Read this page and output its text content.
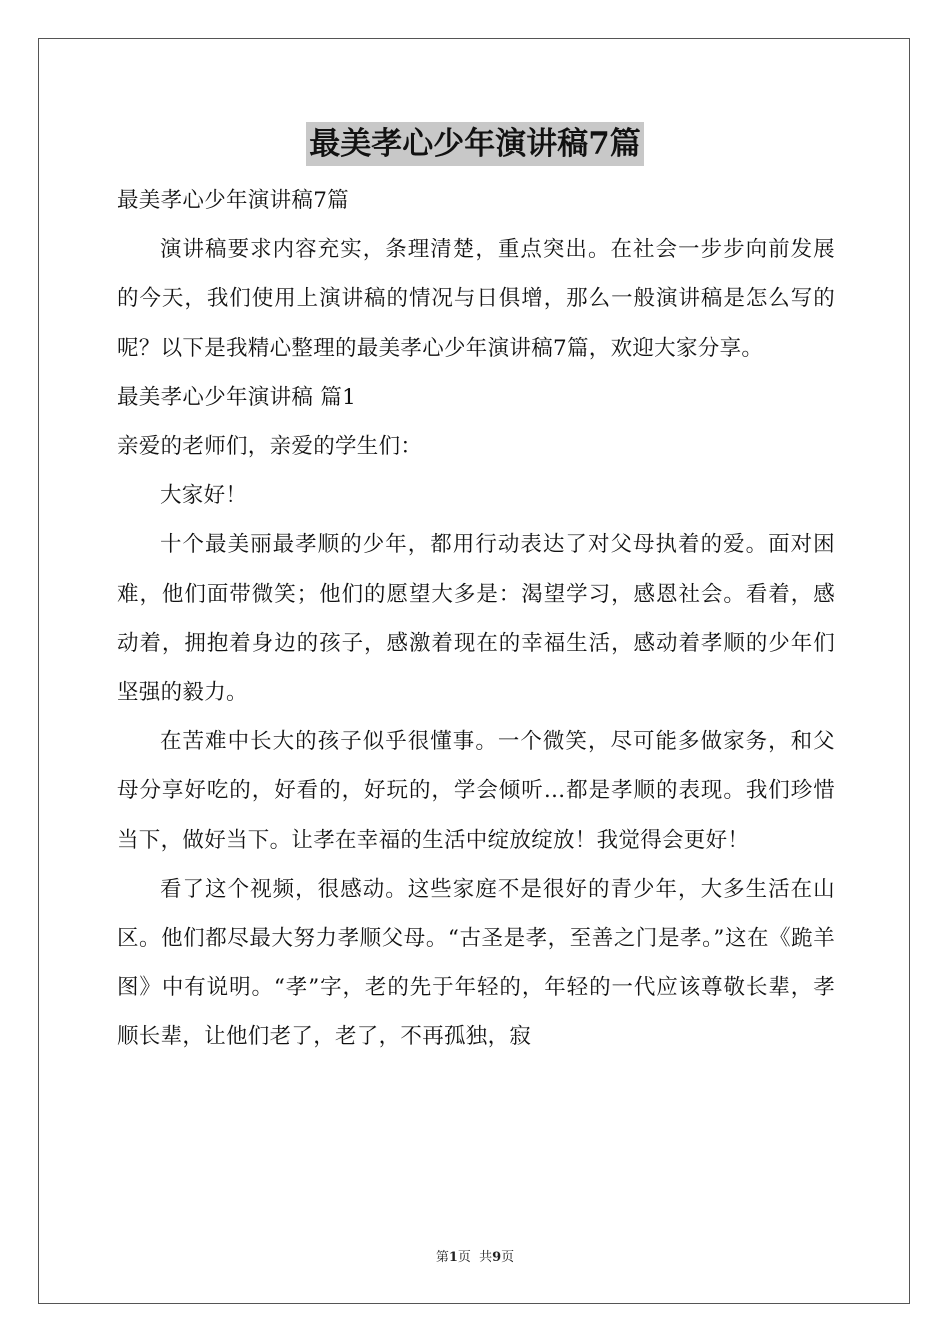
最美孝心少年演讲稿7篇

最美孝心少年演讲稿7篇

演讲稿要求内容充实，条理清楚，重点突出。在社会一步步向前发展的今天，我们使用上演讲稿的情况与日俱增，那么一般演讲稿是怎么写的呢？以下是我精心整理的最美孝心少年演讲稿7篇，欢迎大家分享。

最美孝心少年演讲稿 篇1

亲爱的老师们，亲爱的学生们：

大家好！

十个最美丽最孝顺的少年，都用行动表达了对父母执着的爱。面对困难，他们面带微笑；他们的愿望大多是：渴望学习，感恩社会。看着，感动着，拥抱着身边的孩子，感激着现在的幸福生活，感动着孝顺的少年们坚强的毅力。

在苦难中长大的孩子似乎很懂事。一个微笑，尽可能多做家务，和父母分享好吃的，好看的，好玩的，学会倾听…都是孝顺的表现。我们珍惜当下，做好当下。让孝在幸福的生活中绽放绽放！我觉得会更好！

看了这个视频，很感动。这些家庭不是很好的青少年，大多生活在山区。他们都尽最大努力孝顺父母。“古圣是孝，至善之门是孝。”这在《跪羊图》中有说明。“孝”字，老的先于年轻的，年轻的一代应该尊敬长辈，孝顺长辈，让他们老了，老了，不再孤独，寂

第1页 共9页
